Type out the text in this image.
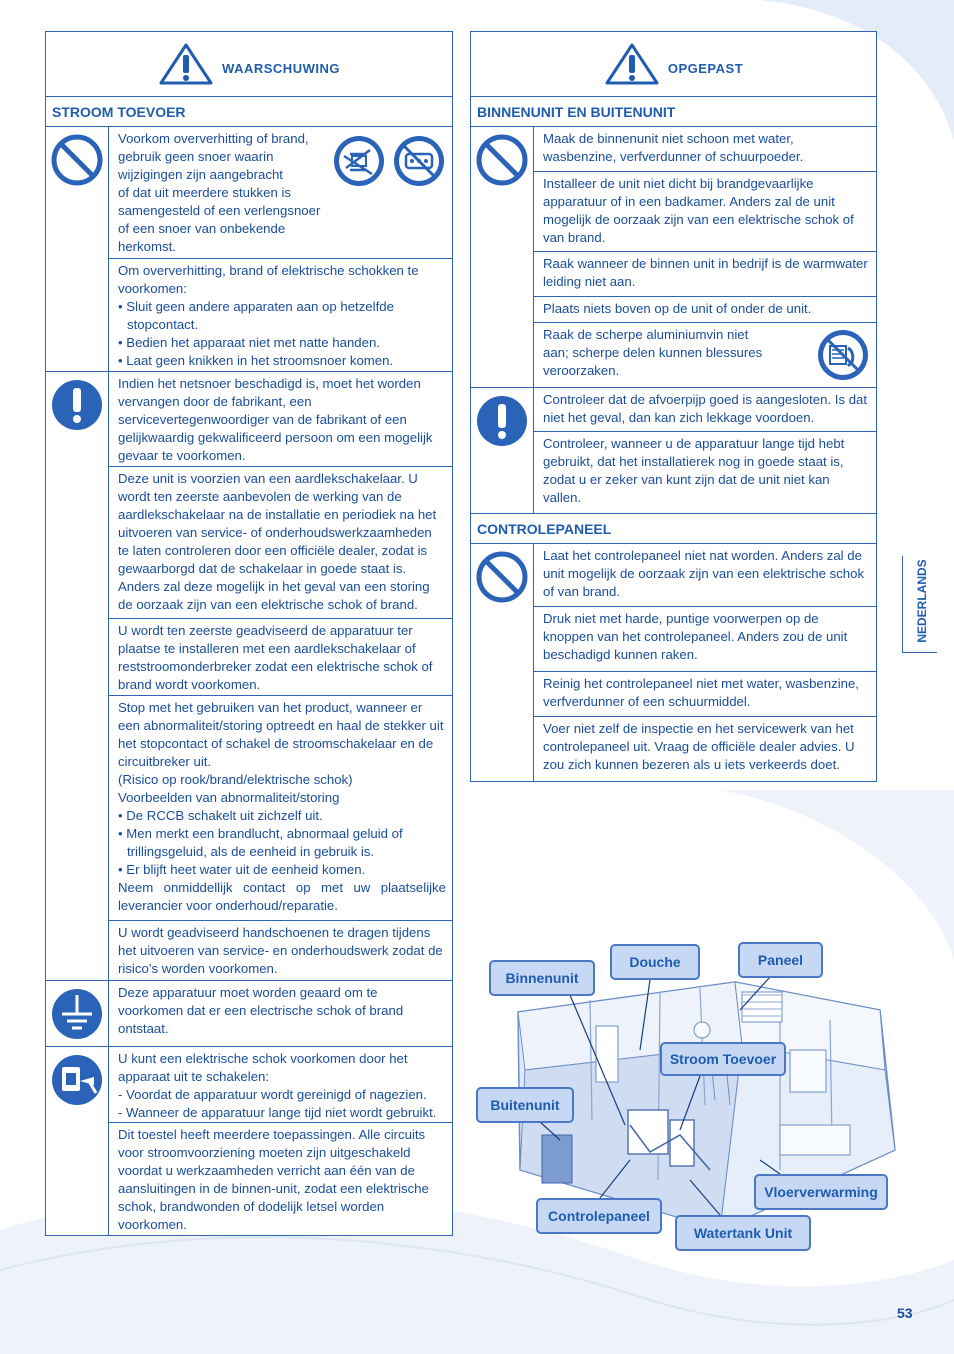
WAARSCHUWING
STROOM TOEVOER

Voorkom oververhitting of brand,
gebruik geen snoer waarin
wijzigingen zijn aangebracht
of dat uit meerdere stukken is
samengesteld of een verlengsnoer
of een snoer van onbekende
herkomst.

Om oververhitting, brand of elektrische schokken te voorkomen:

• Sluit geen andere apparaten aan op hetzelfde stopcontact.

• Bedien het apparaat niet met natte handen.

• Laat geen knikken in het stroomsnoer komen.

Indien het netsnoer beschadigd is, moet het worden vervangen door de fabrikant, een servicevertegenwoordiger van de fabrikant of een gelijkwaardig gekwalificeerd persoon om een mogelijk gevaar te voorkomen.
Deze unit is voorzien van een aardlekschakelaar. U wordt ten zeerste aanbevolen de werking van de aardlekschakelaar na de installatie en periodiek na het uitvoeren van service- of onderhoudswerkzaamheden te laten controleren door een officiële dealer, zodat is gewaarborgd dat de schakelaar in goede staat is. Anders zal deze mogelijk in het geval van een storing de oorzaak zijn van een elektrische schok of brand.
U wordt ten zeerste geadviseerd de apparatuur ter plaatse te installeren met een aardlekschakelaar of reststroomonderbreker zodat een elektrische schok of brand wordt voorkomen.

Stop met het gebruiken van het product, wanneer er een abnormaliteit/storing optreedt en haal de stekker uit het stopcontact of schakel de stroomschakelaar en de circuitbreker uit.

(Risico op rook/brand/elektrische schok)

Voorbeelden van abnormaliteit/storing

• De RCCB schakelt uit zichzelf uit.

• Men merkt een brandlucht, abnormaal geluid of trillingsgeluid, als de eenheid in gebruik is.

• Er blijft heet water uit de eenheid komen.

Neem onmiddellijk contact op met uw plaatselijke leverancier voor onderhoud/reparatie.

U wordt geadviseerd handschoenen te dragen tijdens het uitvoeren van service- en onderhoudswerk zodat de risico’s worden voorkomen.
Deze apparatuur moet worden geaard om te voorkomen dat er een electrische schok of brand ontstaat.

U kunt een elektrische schok voorkomen door het apparaat uit te schakelen:

- Voordat de apparatuur wordt gereinigd of nagezien.

- Wanneer de apparatuur lange tijd niet wordt gebruikt.

Dit toestel heeft meerdere toepassingen. Alle circuits voor stroomvoorziening moeten zijn uitgeschakeld voordat u werkzaamheden verricht aan één van de aansluitingen in de binnen-unit, zodat een elektrische schok, brandwonden of dodelijk letsel worden voorkomen.
OPGEPAST
BINNENUNIT EN BUITENUNIT
Maak de binnenunit niet schoon met water, wasbenzine, verfverdunner of schuurpoeder.
Installeer de unit niet dicht bij brandgevaarlijke apparatuur of in een badkamer. Anders zal de unit mogelijk de oorzaak zijn van een elektrische schok of van brand.
Raak wanneer de binnen unit in bedrijf is de warmwater leiding niet aan.
Plaats niets boven op de unit of onder de unit.

Raak de scherpe aluminiumvin niet
aan; scherpe delen kunnen blessures
veroorzaken.

Controleer dat de afvoerpijp goed is aangesloten. Is dat niet het geval, dan kan zich lekkage voordoen.
Controleer, wanneer u de apparatuur lange tijd hebt gebruikt, dat het installatierek nog in goede staat is, zodat u er zeker van kunt zijn dat de unit niet kan vallen.
CONTROLEPANEEL
Laat het controlepaneel niet nat worden. Anders zal de unit mogelijk de oorzaak zijn van een elektrische schok of van brand.
Druk niet met harde, puntige voorwerpen op de knoppen van het controlepaneel. Anders zou de unit beschadigd kunnen raken.
Reinig het controlepaneel niet met water, wasbenzine, verfverdunner of een schuurmiddel.
Voer niet zelf de inspectie en het servicewerk van het controlepaneel uit. Vraag de officiële dealer advies. U zou zich kunnen bezeren als u iets verkeerds doet.
NEDERLANDS
Binnenunit
Douche	Paneel
Stroom Toevoer
Buitenunit
Vloerverwarming
Controlepaneel
Watertank Unit
53
